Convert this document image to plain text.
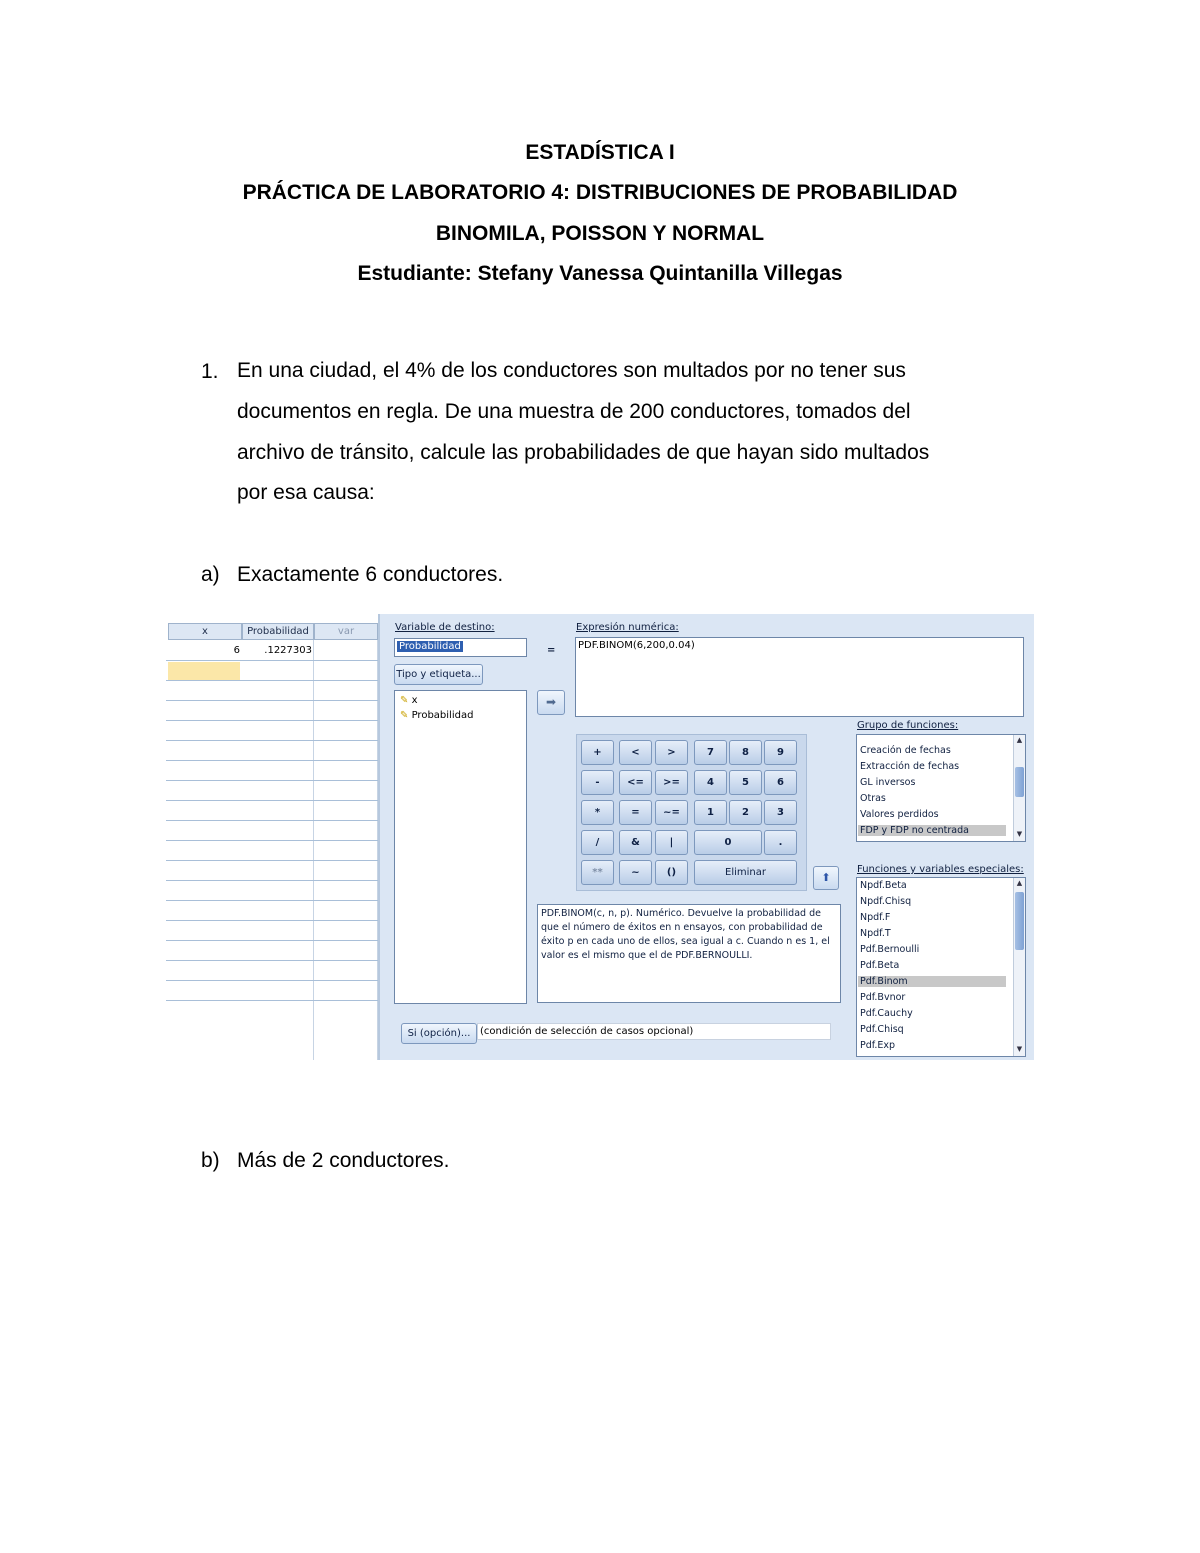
ESTADÍSTICA I
PRÁCTICA DE LABORATORIO 4: DISTRIBUCIONES DE PROBABILIDAD
BINOMILA, POISSON Y NORMAL
Estudiante: Stefany Vanessa Quintanilla Villegas
1. En una ciudad, el 4% de los conductores son multados por no tener sus
documentos en regla. De una muestra de 200 conductores, tomados del
archivo de tránsito, calcule las probabilidades de que hayan sido multados
por esa causa:
a) Exactamente 6 conductores.
x	Probabilidad	var
6	.1227303
Variable de destino:
Probabilidad
Tipo y etiqueta...
=
Expresión numérica:
PDF.BINOM(6,200,0.04)
✎ x
✎ Probabilidad
➡
+	<	>	7	8	9
-	<=	>=	4	5	6
*	=	~=	1	2	3
/	&	|	0	.
**	~	()	Eliminar	⬆
PDF.BINOM(c, n, p). Numérico. Devuelve la probabilidad de que el número de éxitos en n ensayos, con probabilidad de éxito p en cada uno de ellos, sea igual a c. Cuando n es 1, el valor es el mismo que el de PDF.BERNOULLI.
Si (opción)... (condición de selección de casos opcional)
Grupo de funciones:
Creación de fechas
Extracción de fechas
GL inversos
Otras
Valores perdidos
FDP y FDP no centrada
▲
▼
Funciones y variables especiales:
Npdf.Beta
Npdf.Chisq
Npdf.F
Npdf.T
Pdf.Bernoulli
Pdf.Beta
Pdf.Binom
Pdf.Bvnor
Pdf.Cauchy
Pdf.Chisq
Pdf.Exp
▲
▼
b) Más de 2 conductores.
